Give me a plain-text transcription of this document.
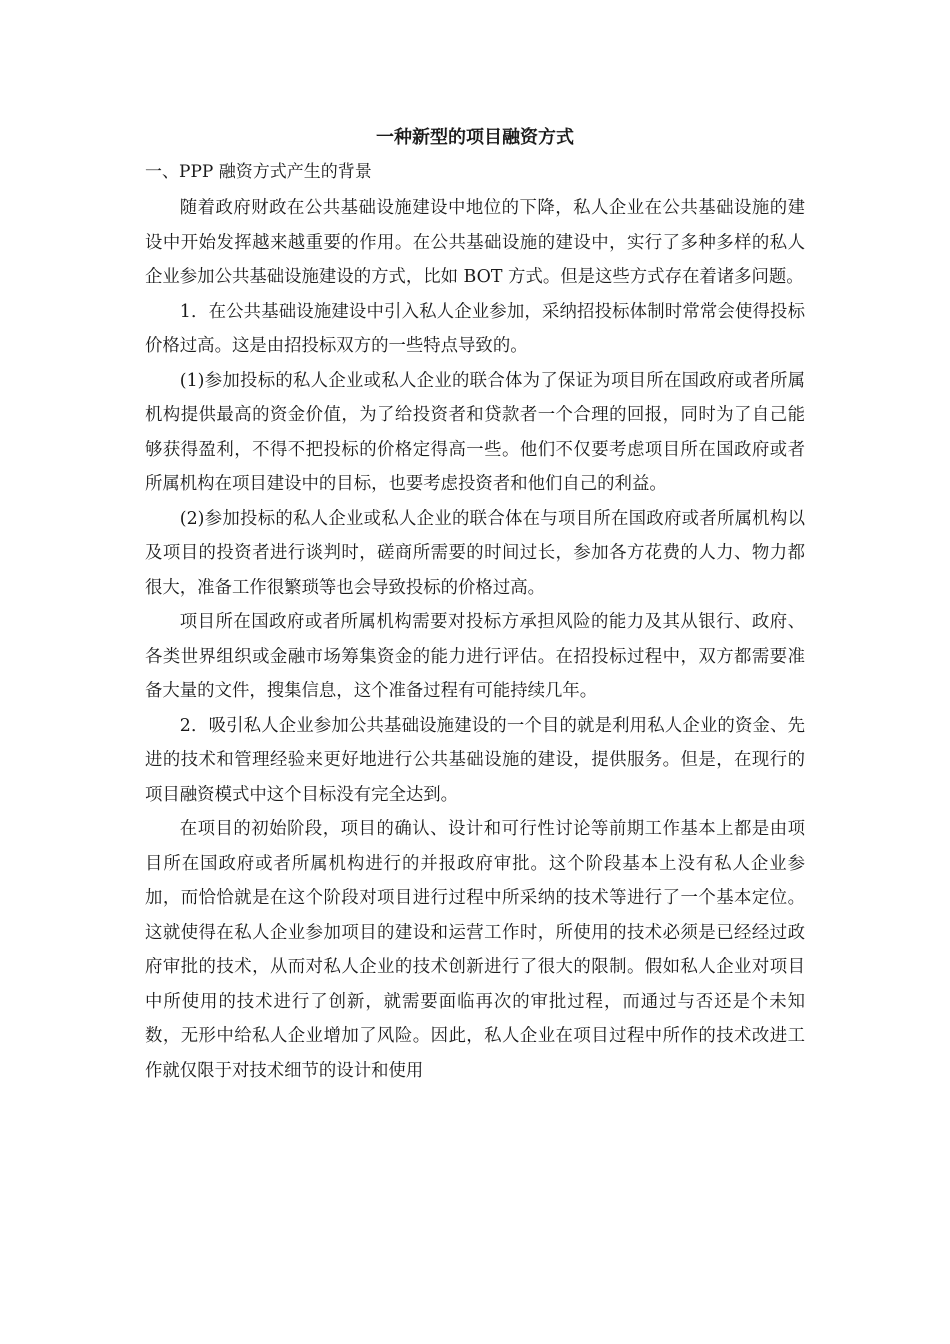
一种新型的项目融资方式
一、PPP 融资方式产生的背景

随着政府财政在公共基础设施建设中地位的下降，私人企业在公共基础设施的建设中开始发挥越来越重要的作用。在公共基础设施的建设中，实行了多种多样的私人企业参加公共基础设施建设的方式，比如 BOT 方式。但是这些方式存在着诸多问题。

1．在公共基础设施建设中引入私人企业参加，采纳招投标体制时常常会使得投标价格过高。这是由招投标双方的一些特点导致的。

(1)参加投标的私人企业或私人企业的联合体为了保证为项目所在国政府或者所属机构提供最高的资金价值，为了给投资者和贷款者一个合理的回报，同时为了自己能够获得盈利，不得不把投标的价格定得高一些。他们不仅要考虑项目所在国政府或者所属机构在项目建设中的目标，也要考虑投资者和他们自己的利益。

(2)参加投标的私人企业或私人企业的联合体在与项目所在国政府或者所属机构以及项目的投资者进行谈判时，磋商所需要的时间过长，参加各方花费的人力、物力都很大，准备工作很繁琐等也会导致投标的价格过高。

项目所在国政府或者所属机构需要对投标方承担风险的能力及其从银行、政府、各类世界组织或金融市场筹集资金的能力进行评估。在招投标过程中，双方都需要准备大量的文件，搜集信息，这个准备过程有可能持续几年。

2．吸引私人企业参加公共基础设施建设的一个目的就是利用私人企业的资金、先进的技术和管理经验来更好地进行公共基础设施的建设，提供服务。但是，在现行的项目融资模式中这个目标没有完全达到。

在项目的初始阶段，项目的确认、设计和可行性讨论等前期工作基本上都是由项目所在国政府或者所属机构进行的并报政府审批。这个阶段基本上没有私人企业参加，而恰恰就是在这个阶段对项目进行过程中所采纳的技术等进行了一个基本定位。这就使得在私人企业参加项目的建设和运营工作时，所使用的技术必须是已经经过政府审批的技术，从而对私人企业的技术创新进行了很大的限制。假如私人企业对项目中所使用的技术进行了创新，就需要面临再次的审批过程，而通过与否还是个未知数，无形中给私人企业增加了风险。因此，私人企业在项目过程中所作的技术改进工作就仅限于对技术细节的设计和使用
